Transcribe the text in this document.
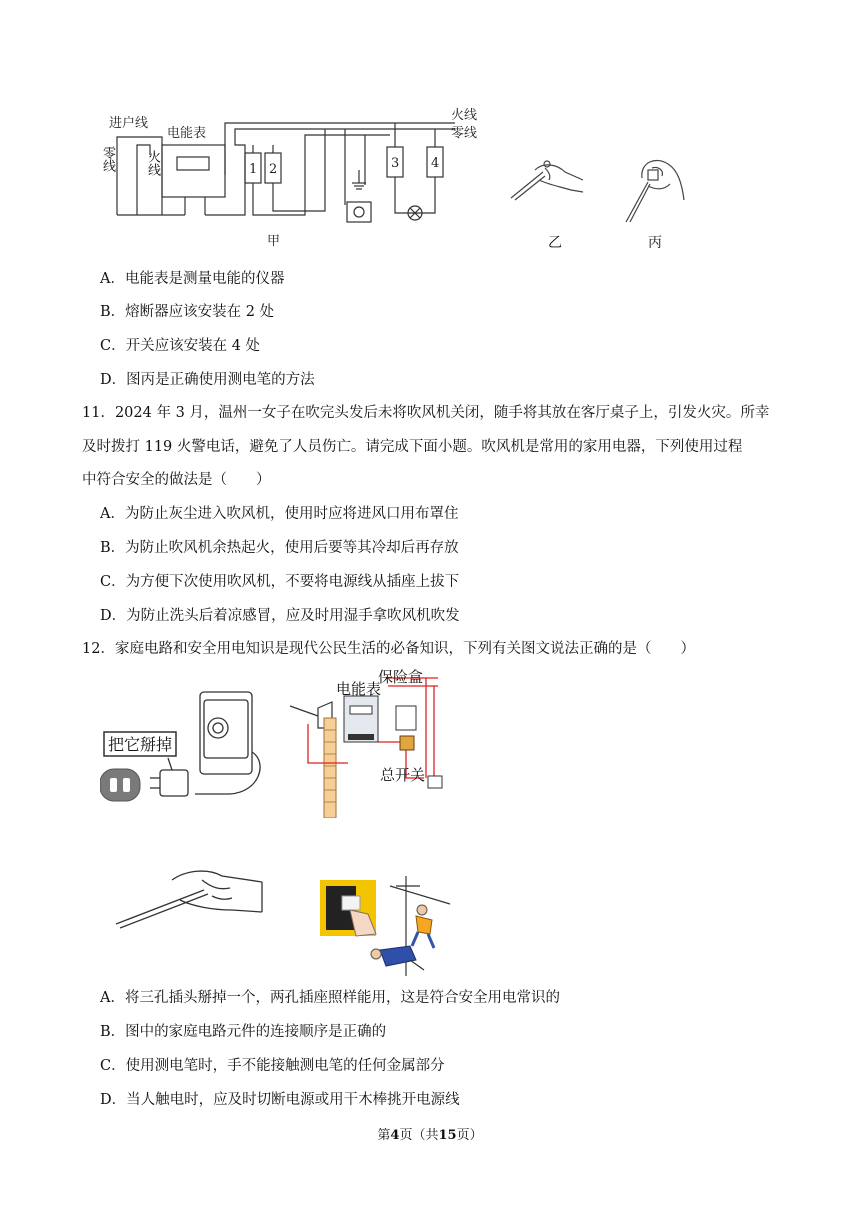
进户线
电能表
火线
零线
1 2	3 4
甲
零线 火线
乙	丙
A．电能表是测量电能的仪器
B．熔断器应该安装在 2 处
C．开关应该安装在 4 处
D．图丙是正确使用测电笔的方法
11．2024 年 3 月，温州一女子在吹完头发后未将吹风机关闭，随手将其放在客厅桌子上，引发火灾。所幸
及时拨打 119 火警电话，避免了人员伤亡。请完成下面小题。吹风机是常用的家用电器，下列使用过程
中符合安全的做法是（　　）
A．为防止灰尘进入吹风机，使用时应将进风口用布罩住
B．为防止吹风机余热起火，使用后要等其冷却后再存放
C．为方便下次使用吹风机，不要将电源线从插座上拔下
D．为防止洗头后着凉感冒，应及时用湿手拿吹风机吹发
12．家庭电路和安全用电知识是现代公民生活的必备知识，下列有关图文说法正确的是（　　）
把它掰掉
电能表
保险盒
总开关
A．将三孔插头掰掉一个，两孔插座照样能用，这是符合安全用电常识的
B．图中的家庭电路元件的连接顺序是正确的
C．使用测电笔时，手不能接触测电笔的任何金属部分
D．当人触电时，应及时切断电源或用干木棒挑开电源线
第4页（共15页）
